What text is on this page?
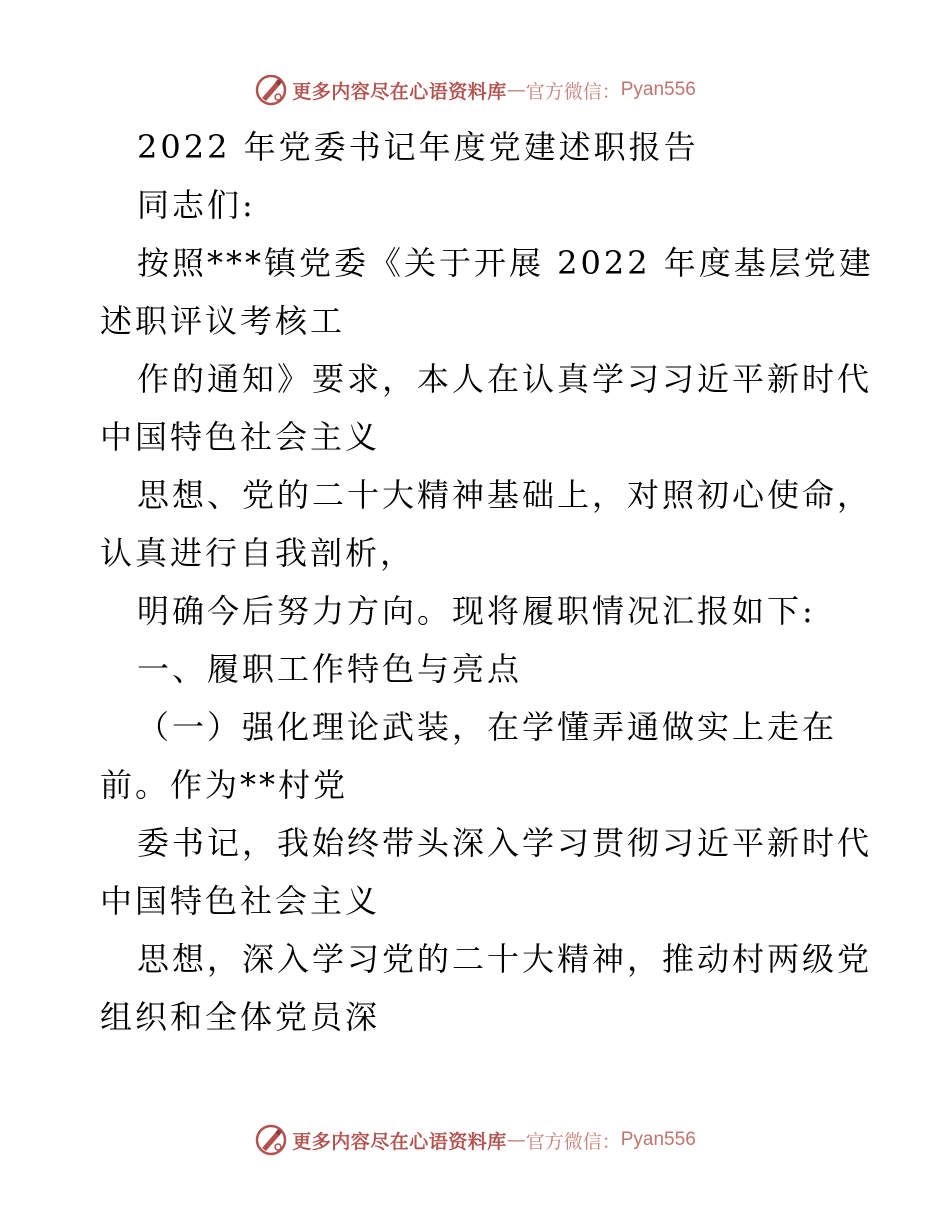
更多内容尽在心语资料库 — 官方微信： Pyan556
2022 年党委书记年度党建述职报告
同志们:
按照***镇党委《关于开展 2022 年度基层党建
述职评议考核工
作的通知》要求，本人在认真学习习近平新时代
中国特色社会主义
思想、党的二十大精神基础上，对照初心使命，
认真进行自我剖析，
明确今后努力方向。现将履职情况汇报如下:
一、履职工作特色与亮点
（一）强化理论武装，在学懂弄通做实上走在
前。作为**村党
委书记，我始终带头深入学习贯彻习近平新时代
中国特色社会主义
思想，深入学习党的二十大精神，推动村两级党
组织和全体党员深
更多内容尽在心语资料库 — 官方微信： Pyan556
